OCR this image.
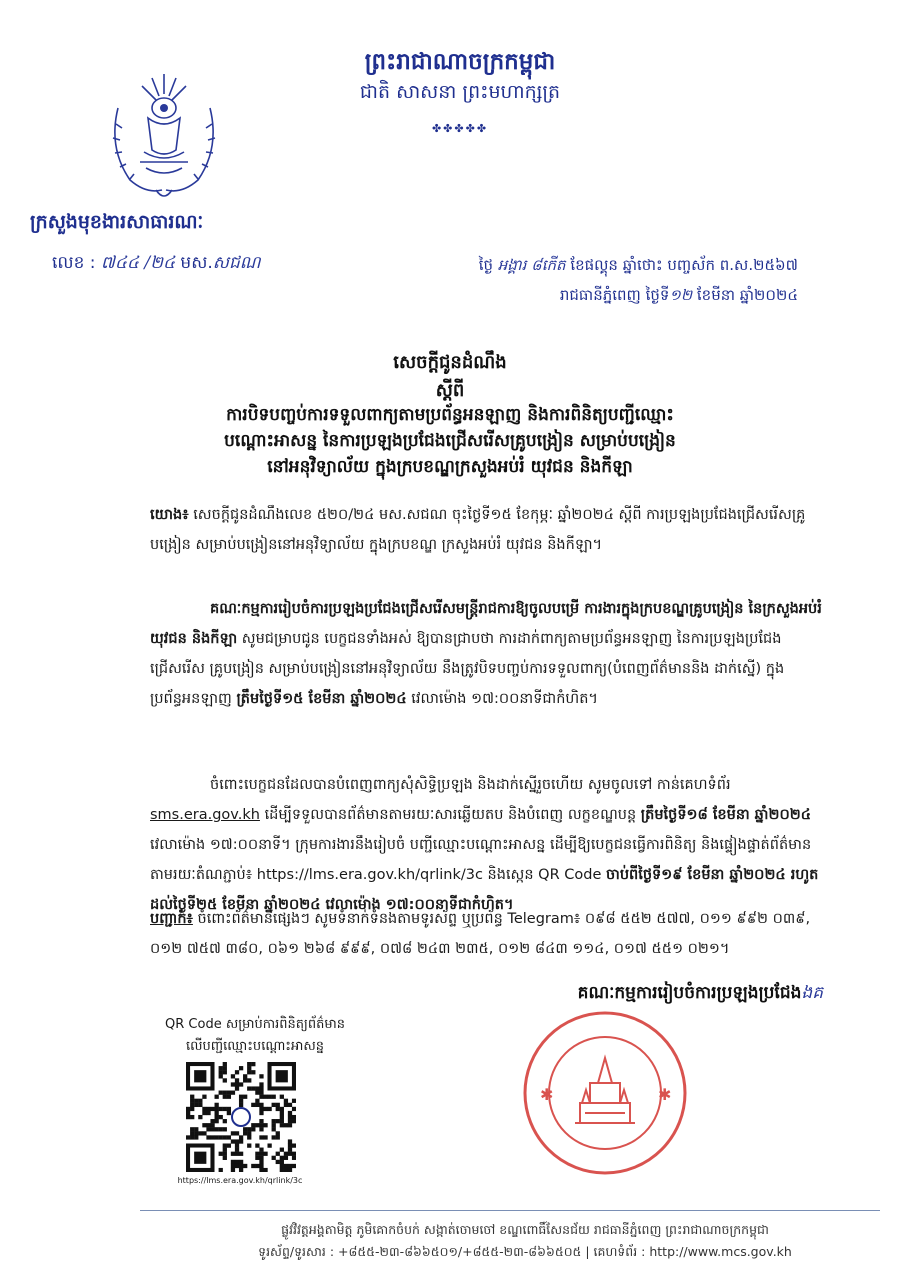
ព្រះរាជាណាចក្រកម្ពុជា
ជាតិ សាសនា ព្រះមហាក្សត្រ
✤✤✤✤✤
ក្រសួងមុខងារសាធារណៈ
លេខ : ៧៤៤ /២៤ មស.សជណ	ថ្ងៃ អង្គារ ៨កើត ខែផល្គុន ឆ្នាំថោះ បញ្ចស័ក ព.ស.២៥៦៧
រាជធានីភ្នំពេញ ថ្ងៃទី១២ ខែមីនា ឆ្នាំ២០២៤
សេចក្តីជូនដំណឹង
ស្តីពី
ការបិទបញ្ចប់ការទទួលពាក្យតាមប្រព័ន្ធអនឡាញ និងការពិនិត្យបញ្ជីឈ្មោះ
បណ្តោះអាសន្ន នៃការប្រឡងប្រជែងជ្រើសរើសគ្រូបង្រៀន សម្រាប់បង្រៀន
នៅអនុវិទ្យាល័យ ក្នុងក្របខណ្ឌក្រសួងអប់រំ យុវជន និងកីឡា
យោង៖ សេចក្តីជូនដំណឹងលេខ ៥២០/២៤ មស.សជណ ចុះថ្ងៃទី១៥ ខែកុម្ភៈ ឆ្នាំ២០២៤ ស្តីពី ការប្រឡងប្រជែងជ្រើសរើសគ្រូបង្រៀន សម្រាប់បង្រៀននៅអនុវិទ្យាល័យ ក្នុងក្របខណ្ឌ ក្រសួងអប់រំ យុវជន និងកីឡា។
គណៈកម្មការរៀបចំការប្រឡងប្រជែងជ្រើសរើសមន្ត្រីរាជការឱ្យចូលបម្រើ ការងារក្នុងក្របខណ្ឌគ្រូបង្រៀន នៃក្រសួងអប់រំ យុវជន និងកីឡា សូមជម្រាបជូន បេក្ខជនទាំងអស់ ឱ្យបានជ្រាបថា ការដាក់ពាក្យតាមប្រព័ន្ធអនឡាញ នៃការប្រឡងប្រជែងជ្រើសរើស គ្រូបង្រៀន សម្រាប់បង្រៀននៅអនុវិទ្យាល័យ នឹងត្រូវបិទបញ្ចប់ការទទួលពាក្យ(បំពេញព័ត៌មាននិង ដាក់ស្នើ) ក្នុងប្រព័ន្ធអនឡាញ ត្រឹមថ្ងៃទី១៥ ខែមីនា ឆ្នាំ២០២៤ វេលាម៉ោង ១៧:០០នាទីជាកំហិត។
ចំពោះបេក្ខជនដែលបានបំពេញពាក្យសុំសិទ្ធិប្រឡង និងដាក់ស្នើរួចហើយ សូមចូលទៅ កាន់គេហទំព័រ sms.era.gov.kh ដើម្បីទទួលបានព័ត៌មានតាមរយៈសារឆ្លើយតប និងបំពេញ លក្ខខណ្ឌបន្ត ត្រឹមថ្ងៃទី១៨ ខែមីនា ឆ្នាំ២០២៤ វេលាម៉ោង ១៧:០០នាទី។ ក្រុមការងារនឹងរៀបចំ បញ្ជីឈ្មោះបណ្តោះអាសន្ន ដើម្បីឱ្យបេក្ខជនធ្វើការពិនិត្យ និងផ្ទៀងផ្ទាត់ព័ត៌មាន តាមរយៈតំណភ្ជាប់៖ https://lms.era.gov.kh/qrlink/3c និងស្កេន QR Code ចាប់ពីថ្ងៃទី១៩ ខែមីនា ឆ្នាំ២០២៤ រហូត ដល់ថ្ងៃទី២៥ ខែមីនា ឆ្នាំ២០២៤ វេលាម៉ោង ១៧:០០នាទីជាកំហិត។
បញ្ជាក់៖ ចំពោះព័ត៌មានផ្សេងៗ សូមទំនាក់ទំនងតាមទូរស័ព្ទ ឬប្រព័ន្ធ Telegram៖ ០៩៨ ៥៥២ ៥៧៧, ០១១ ៩៩២ ០៣៩, ០១២ ៧៥៧ ៣៨០, ០៦១ ២៦៨ ៩៩៩, ០៧៨ ២៤៣ ២៣៥, ០១២ ៨៤៣ ១១៤, ០១៧ ៥៥១ ០២១។
គណៈកម្មការរៀបចំការប្រឡងប្រជែងងគ
✱	✱
QR Code សម្រាប់ការពិនិត្យព័ត៌មាន
លើបញ្ជីឈ្មោះបណ្តោះអាសន្ន
https://lms.era.gov.kh/qrlink/3c
ផ្លូវវិវត្តអង្គតាមិត្ត ភូមិគោកចំបក់ សង្កាត់ចោមចៅ ខណ្ឌពោធិ៍សែនជ័យ រាជធានីភ្នំពេញ ព្រះរាជាណាចក្រកម្ពុជា
ទូរស័ព្ទ/ទូរសារ : +៨៥៥-២៣-៨៦៦៥០១/+៨៥៥-២៣-៨៦៦៥០៥ | គេហទំព័រ : http://www.mcs.gov.kh
